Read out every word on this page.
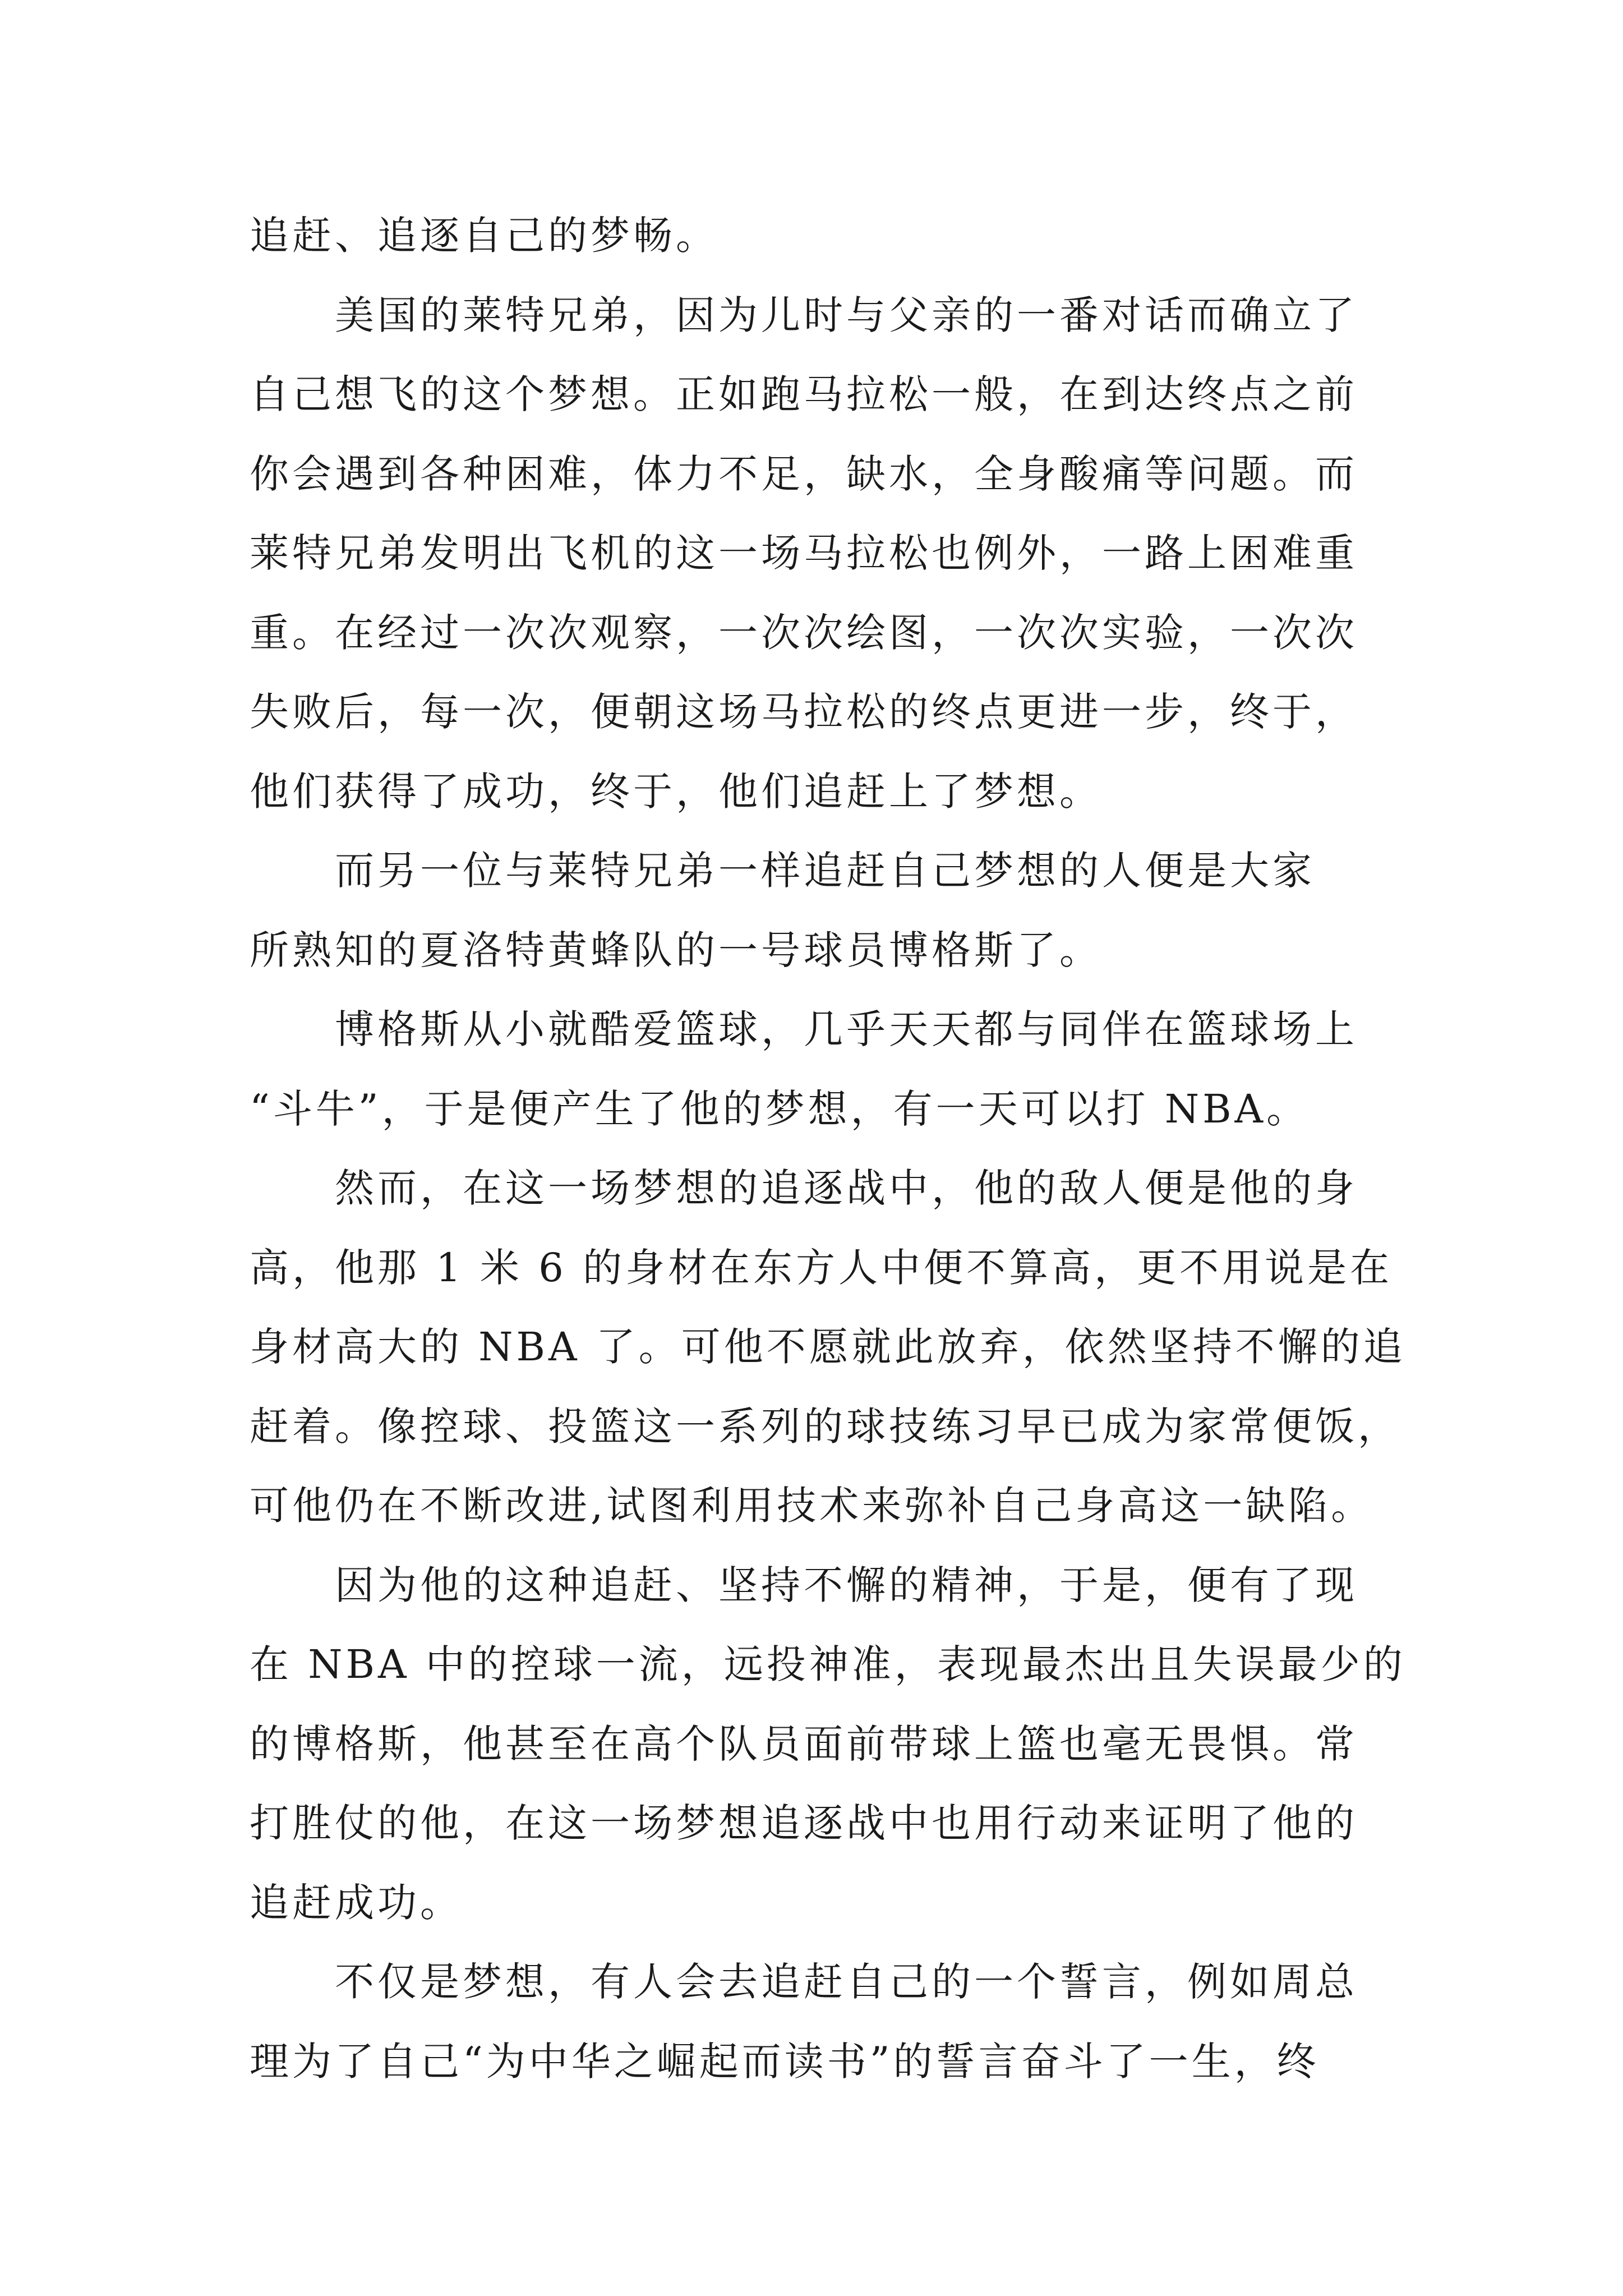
追赶、追逐自己的梦畅。
　　美国的莱特兄弟，因为儿时与父亲的一番对话而确立了
自己想飞的这个梦想。正如跑马拉松一般，在到达终点之前
你会遇到各种困难，体力不足，缺水，全身酸痛等问题。而
莱特兄弟发明出飞机的这一场马拉松也例外，一路上困难重
重。在经过一次次观察，一次次绘图，一次次实验，一次次
失败后，每一次，便朝这场马拉松的终点更进一步，终于，
他们获得了成功，终于，他们追赶上了梦想。
　　而另一位与莱特兄弟一样追赶自己梦想的人便是大家
所熟知的夏洛特黄蜂队的一号球员博格斯了。
　　博格斯从小就酷爱篮球，几乎天天都与同伴在篮球场上
“斗牛”，于是便产生了他的梦想，有一天可以打 NBA。
　　然而，在这一场梦想的追逐战中，他的敌人便是他的身
高，他那 1 米 6 的身材在东方人中便不算高，更不用说是在
身材高大的 NBA 了。可他不愿就此放弃，依然坚持不懈的追
赶着。像控球、投篮这一系列的球技练习早已成为家常便饭，
可他仍在不断改进,试图利用技术来弥补自己身高这一缺陷。
　　因为他的这种追赶、坚持不懈的精神，于是，便有了现
在 NBA 中的控球一流，远投神准，表现最杰出且失误最少的
的博格斯，他甚至在高个队员面前带球上篮也毫无畏惧。常
打胜仗的他，在这一场梦想追逐战中也用行动来证明了他的
追赶成功。
　　不仅是梦想，有人会去追赶自己的一个誓言，例如周总
理为了自己“为中华之崛起而读书”的誓言奋斗了一生，终
